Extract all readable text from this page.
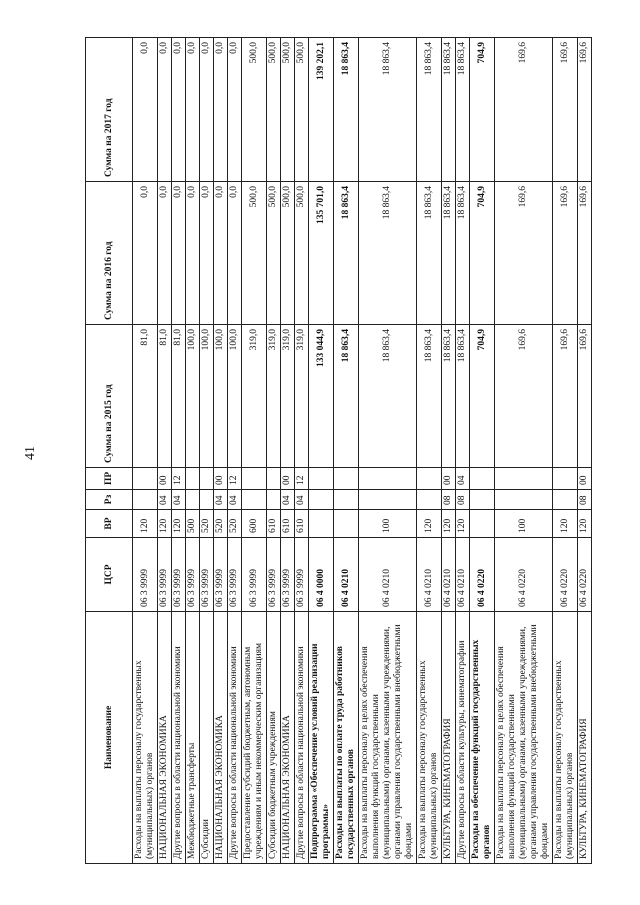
41
Наименование	ЦСР	ВР	Рз	ПР	Сумма на 2015 год	Сумма на 2016 год	Сумма на 2017 год
Расходы на выплаты персоналу государственных (муниципальных) органов	06 3 9999	120			81,0	0,0	0,0
НАЦИОНАЛЬНАЯ ЭКОНОМИКА	06 3 9999	120	04	00	81,0	0,0	0,0
Другие вопросы в области национальной экономики	06 3 9999	120	04	12	81,0	0,0	0,0
Межбюджетные трансферты	06 3 9999	500			100,0	0,0	0,0
Субсидии	06 3 9999	520			100,0	0,0	0,0
НАЦИОНАЛЬНАЯ ЭКОНОМИКА	06 3 9999	520	04	00	100,0	0,0	0,0
Другие вопросы в области национальной экономики	06 3 9999	520	04	12	100,0	0,0	0,0
Предоставление субсидий бюджетным, автономным учреждениям и иным некоммерческим организациям	06 3 9999	600			319,0	500,0	500,0
Субсидии бюджетным учреждениям	06 3 9999	610			319,0	500,0	500,0
НАЦИОНАЛЬНАЯ ЭКОНОМИКА	06 3 9999	610	04	00	319,0	500,0	500,0
Другие вопросы в области национальной экономики	06 3 9999	610	04	12	319,0	500,0	500,0
Подпрограмма «Обеспечение условий реализации программы»	06 4 0000				133 044,9	135 701,0	139 202,1
Расходы на выплаты по оплате труда работников государственных органов	06 4 0210				18 863,4	18 863,4	18 863,4
Расходы на выплаты персоналу в целях обеспечения выполнения функций государственными (муниципальными) органами, казенными учреждениями, органами управления государственными внебюджетными фондами	06 4 0210	100			18 863,4	18 863,4	18 863,4
Расходы на выплаты персоналу государственных (муниципальных) органов	06 4 0210	120			18 863,4	18 863,4	18 863,4
КУЛЬТУРА, КИНЕМАТОГРАФИЯ	06 4 0210	120	08	00	18 863,4	18 863,4	18 863,4
Другие вопросы в области культуры, кинематографии	06 4 0210	120	08	04	18 863,4	18 863,4	18 863,4
Расходы на обеспечение функций государственных органов	06 4 0220				704,9	704,9	704,9
Расходы на выплаты персоналу в целях обеспечения выполнения функций государственными (муниципальными) органами, казенными учреждениями, органами управления государственными внебюджетными фондами	06 4 0220	100			169,6	169,6	169,6
Расходы на выплаты персоналу государственных (муниципальных) органов	06 4 0220	120			169,6	169,6	169,6
КУЛЬТУРА, КИНЕМАТОГРАФИЯ	06 4 0220	120	08	00	169,6	169,6	169,6
